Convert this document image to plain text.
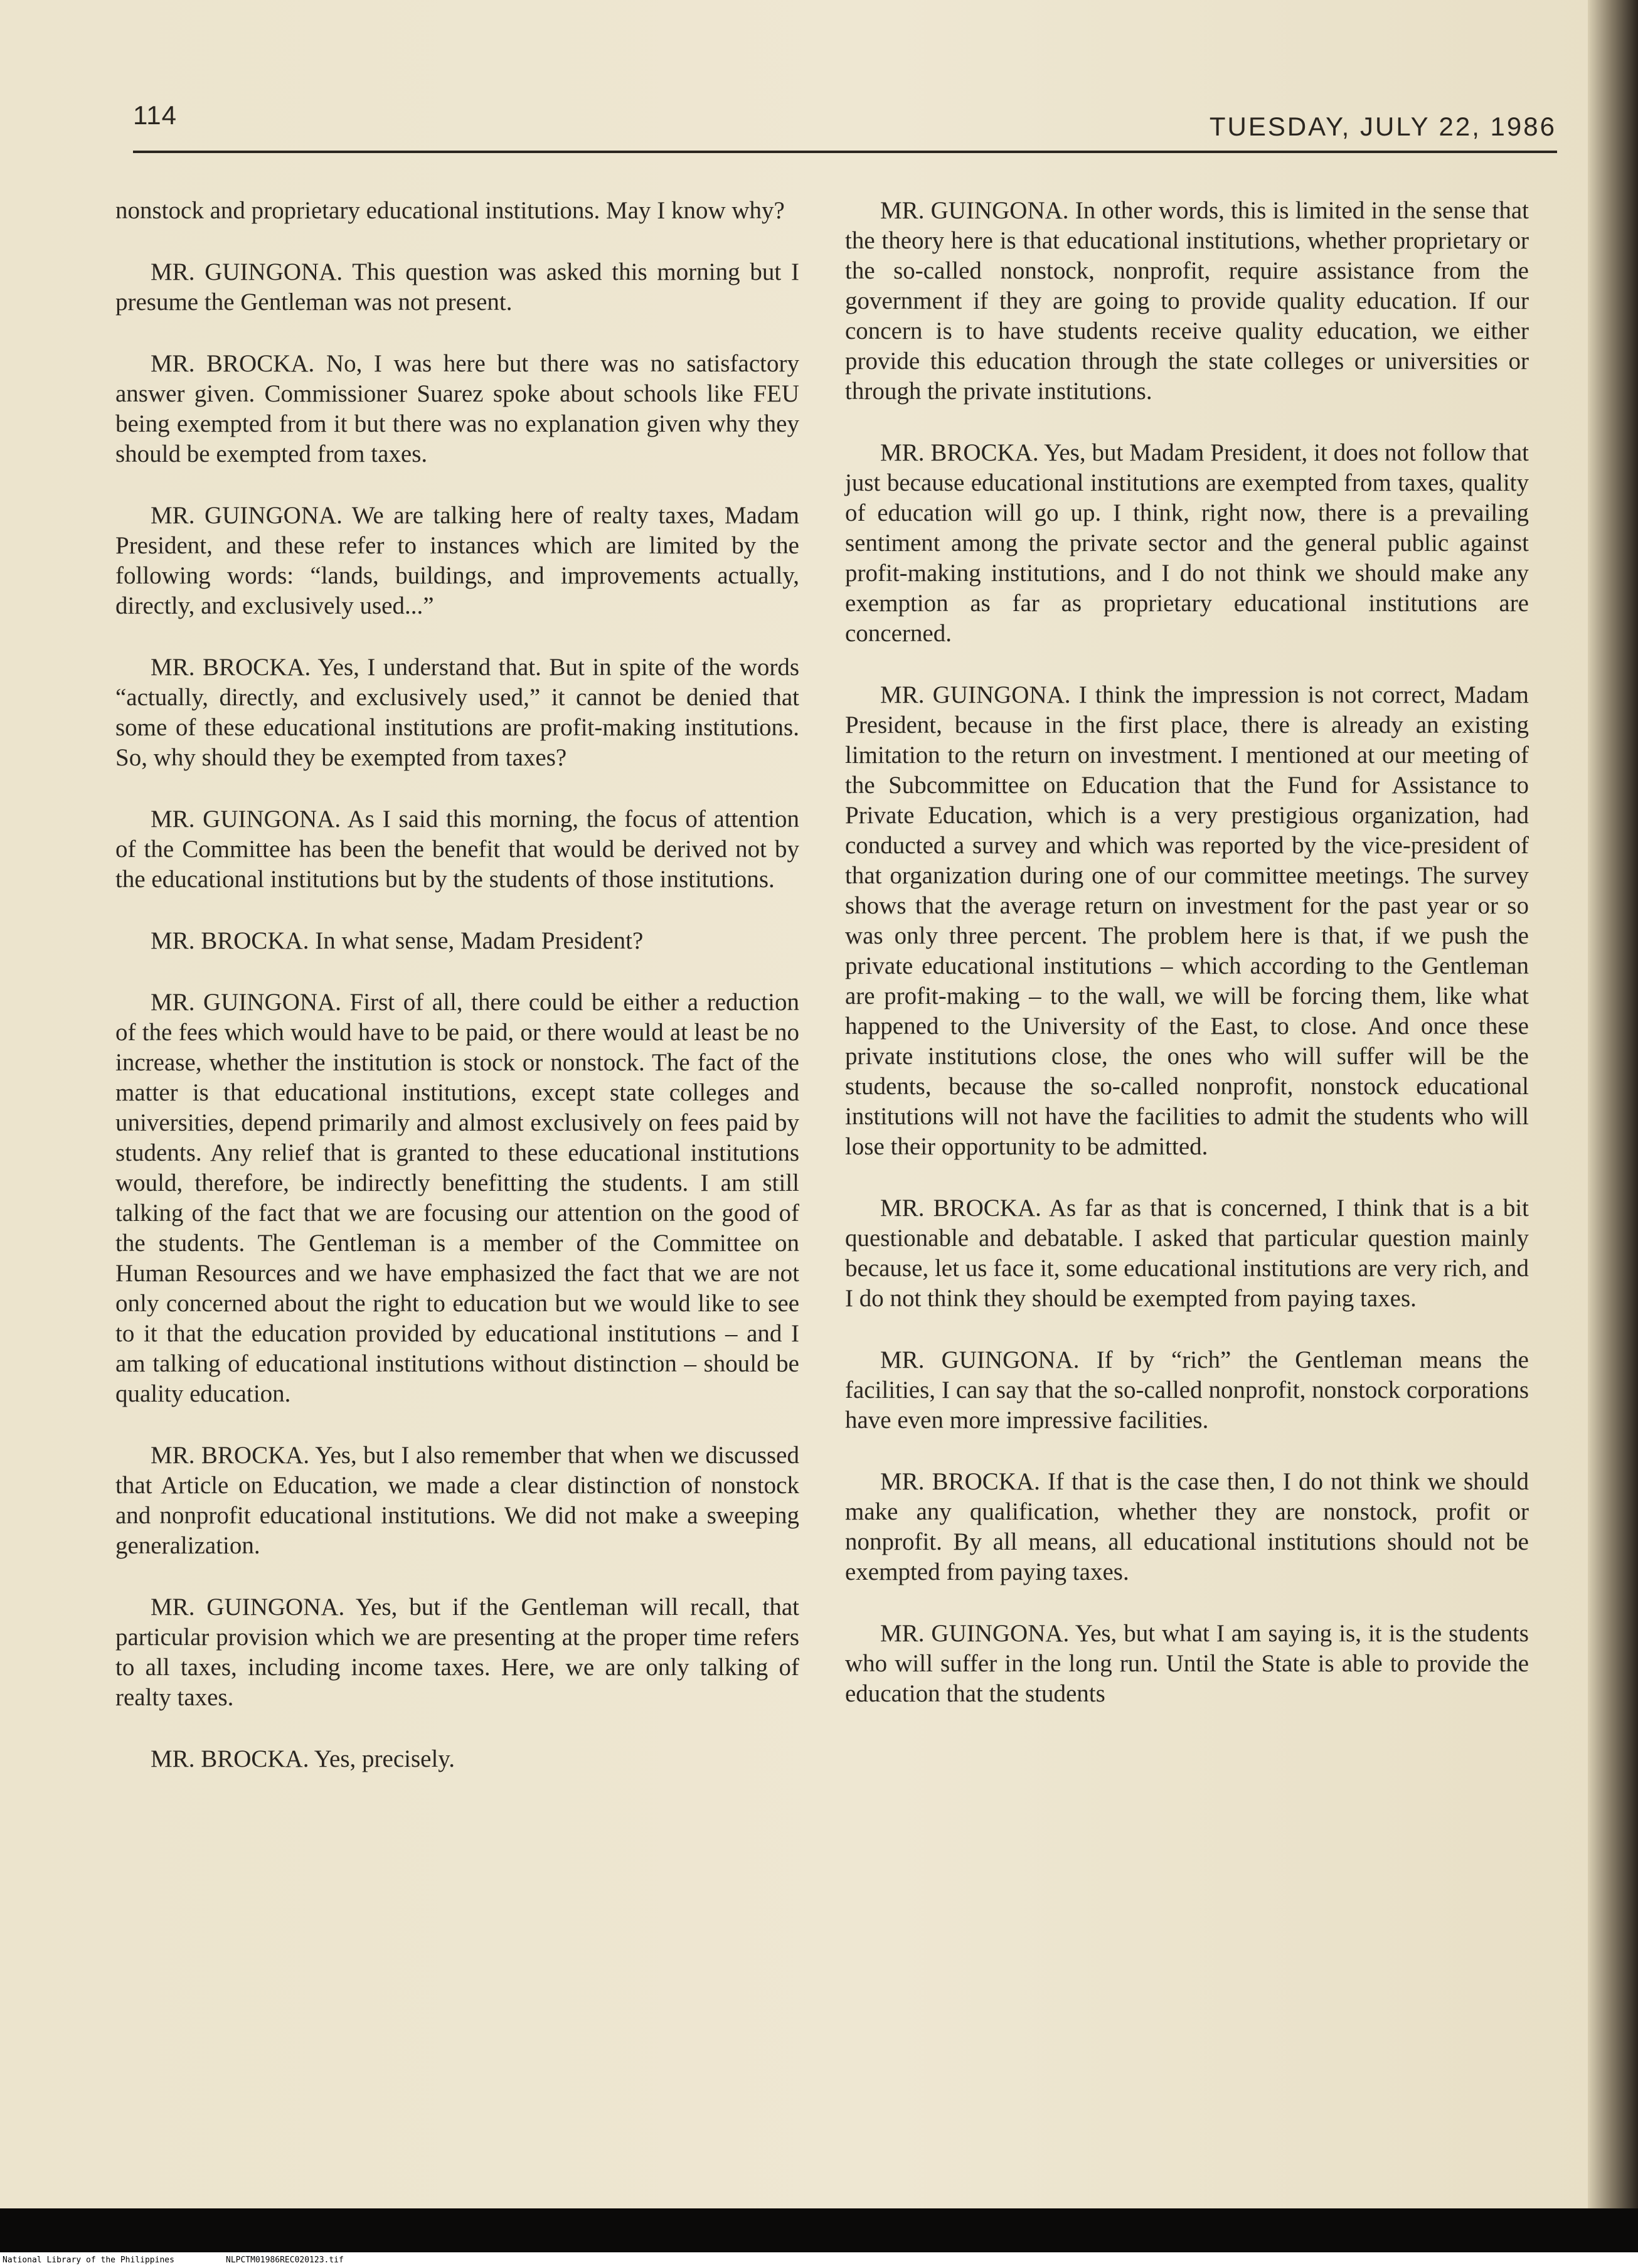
114	TUESDAY, JULY 22, 1986

nonstock and proprietary educational institutions. May I know why?

MR. GUINGONA. This question was asked this morning but I presume the Gentleman was not present.

MR. BROCKA. No, I was here but there was no satisfactory answer given. Commissioner Suarez spoke about schools like FEU being exempted from it but there was no explanation given why they should be exempted from taxes.

MR. GUINGONA. We are talking here of realty taxes, Madam President, and these refer to instances which are limited by the following words: “lands, buildings, and improvements actually, directly, and exclusively used...”

MR. BROCKA. Yes, I understand that. But in spite of the words “actually, directly, and exclusively used,” it cannot be denied that some of these educational institutions are profit-making institutions. So, why should they be exempted from taxes?

MR. GUINGONA. As I said this morning, the focus of attention of the Committee has been the benefit that would be derived not by the educational institutions but by the students of those institutions.

MR. BROCKA. In what sense, Madam President?

MR. GUINGONA. First of all, there could be either a reduction of the fees which would have to be paid, or there would at least be no increase, whether the institution is stock or nonstock. The fact of the matter is that educational institutions, except state colleges and universities, depend primarily and almost exclusively on fees paid by students. Any relief that is granted to these educational institutions would, therefore, be indirectly benefitting the students. I am still talking of the fact that we are focusing our attention on the good of the students. The Gentleman is a member of the Committee on Human Resources and we have emphasized the fact that we are not only concerned about the right to education but we would like to see to it that the education provided by educational institutions – and I am talking of educational institutions without distinction – should be quality education.

MR. BROCKA. Yes, but I also remember that when we discussed that Article on Education, we made a clear distinction of nonstock and nonprofit educational institutions. We did not make a sweeping generalization.

MR. GUINGONA. Yes, but if the Gentleman will recall, that particular provision which we are presenting at the proper time refers to all taxes, including income taxes. Here, we are only talking of realty taxes.

MR. BROCKA. Yes, precisely.

MR. GUINGONA. In other words, this is limited in the sense that the theory here is that educational institutions, whether proprietary or the so-called nonstock, nonprofit, require assistance from the government if they are going to provide quality education. If our concern is to have students receive quality education, we either provide this education through the state colleges or universities or through the private institutions.

MR. BROCKA. Yes, but Madam President, it does not follow that just because educational institutions are exempted from taxes, quality of education will go up. I think, right now, there is a prevailing sentiment among the private sector and the general public against profit-making institutions, and I do not think we should make any exemption as far as proprietary educational institutions are concerned.

MR. GUINGONA. I think the impression is not correct, Madam President, because in the first place, there is already an existing limitation to the return on investment. I mentioned at our meeting of the Subcommittee on Education that the Fund for Assistance to Private Education, which is a very prestigious organization, had conducted a survey and which was reported by the vice-president of that organization during one of our committee meetings. The survey shows that the average return on investment for the past year or so was only three percent. The problem here is that, if we push the private educational institutions – which according to the Gentleman are profit-making – to the wall, we will be forcing them, like what happened to the University of the East, to close. And once these private institutions close, the ones who will suffer will be the students, because the so-called nonprofit, nonstock educational institutions will not have the facilities to admit the students who will lose their opportunity to be admitted.

MR. BROCKA. As far as that is concerned, I think that is a bit questionable and debatable. I asked that particular question mainly because, let us face it, some educational institutions are very rich, and I do not think they should be exempted from paying taxes.

MR. GUINGONA. If by “rich” the Gentleman means the facilities, I can say that the so-called nonprofit, nonstock corporations have even more impressive facilities.

MR. BROCKA. If that is the case then, I do not think we should make any qualification, whether they are nonstock, profit or nonprofit. By all means, all educational institutions should not be exempted from paying taxes.

MR. GUINGONA. Yes, but what I am saying is, it is the students who will suffer in the long run. Until the State is able to provide the education that the students

National Library of the Philippines	NLPCTM01986REC020123.tif
